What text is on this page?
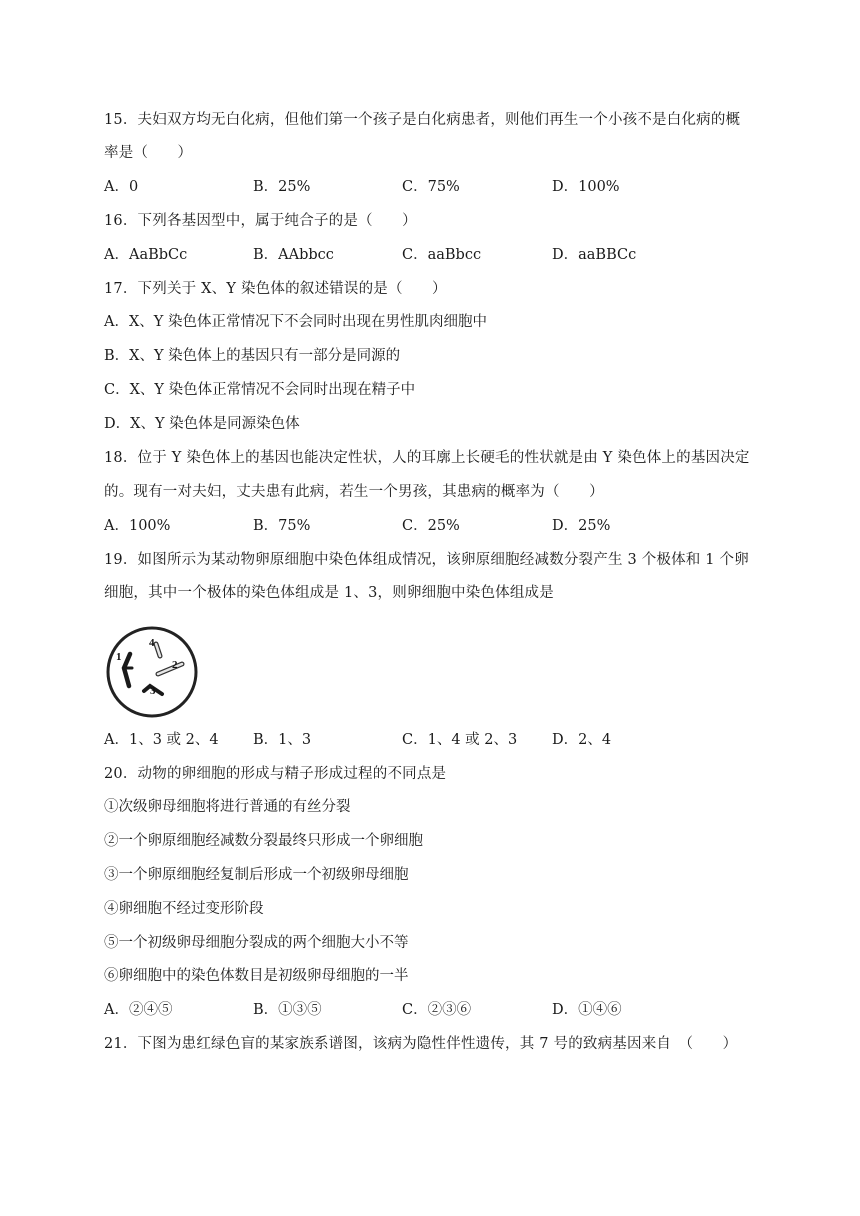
15．夫妇双方均无白化病，但他们第一个孩子是白化病患者，则他们再生一个小孩不是白化病的概
率是（　　）
A．0	B．25%	C．75%	D．100%
16．下列各基因型中，属于纯合子的是（　　）
A．AaBbCc	B．AAbbcc	C．aaBbcc	D．aaBBCc
17．下列关于 X、Y 染色体的叙述错误的是（　　）
A．X、Y 染色体正常情况下不会同时出现在男性肌肉细胞中
B．X、Y 染色体上的基因只有一部分是同源的
C．X、Y 染色体正常情况不会同时出现在精子中
D．X、Y 染色体是同源染色体
18．位于 Y 染色体上的基因也能决定性状，人的耳廓上长硬毛的性状就是由 Y 染色体上的基因决定
的。现有一对夫妇，丈夫患有此病，若生一个男孩，其患病的概率为（　　）
A．100%	B．75%	C．25%	D．25%
19．如图所示为某动物卵原细胞中染色体组成情况，该卵原细胞经减数分裂产生 3 个极体和 1 个卵
细胞，其中一个极体的染色体组成是 1、3，则卵细胞中染色体组成是
1
2
3
4
A．1、3 或 2、4 B．1、3	C．1、4 或 2、3 D．2、4
20．动物的卵细胞的形成与精子形成过程的不同点是
①次级卵母细胞将进行普通的有丝分裂
②一个卵原细胞经减数分裂最终只形成一个卵细胞
③一个卵原细胞经复制后形成一个初级卵母细胞
④卵细胞不经过变形阶段
⑤一个初级卵母细胞分裂成的两个细胞大小不等
⑥卵细胞中的染色体数目是初级卵母细胞的一半
A．②④⑤	B．①③⑤	C．②③⑥	D．①④⑥
21．下图为患红绿色盲的某家族系谱图，该病为隐性伴性遗传，其 7 号的致病基因来自　（　　）
